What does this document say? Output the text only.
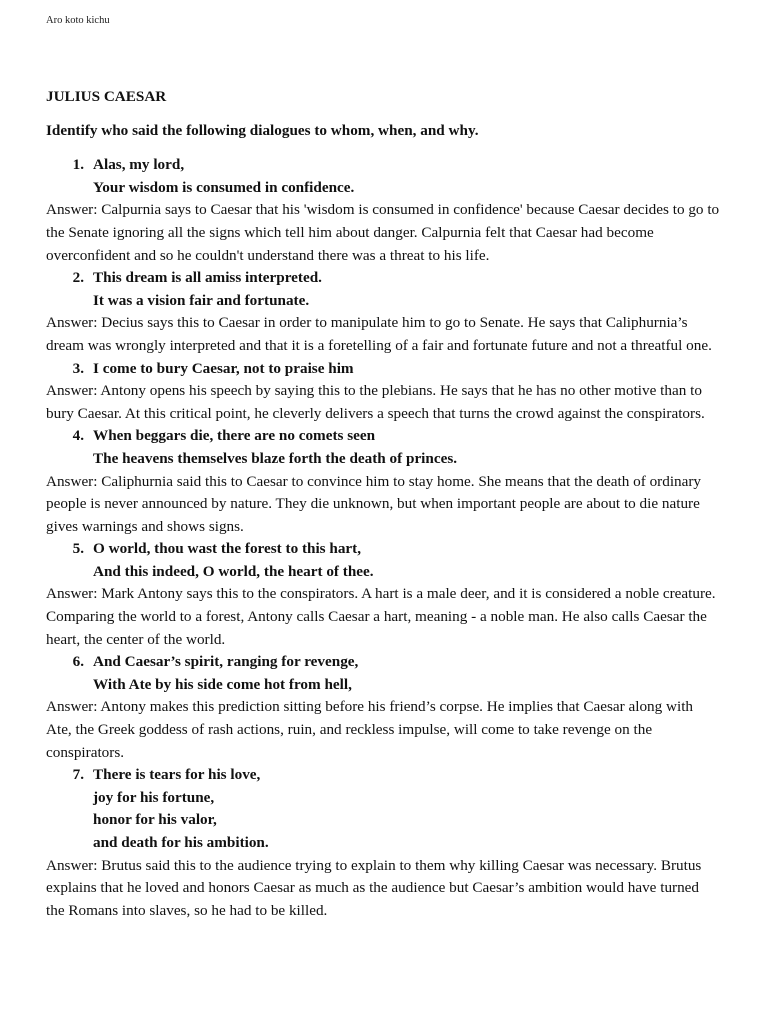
Aro koto kichu
JULIUS CAESAR
Identify who said the following dialogues to whom, when, and why.
1. Alas, my lord,
Your wisdom is consumed in confidence.

Answer: Calpurnia says to Caesar that his 'wisdom is consumed in confidence' because Caesar decides to go to the Senate ignoring all the signs which tell him about danger. Calpurnia felt that Caesar had become overconfident and so he couldn't understand there was a threat to his life.

2. This dream is all amiss interpreted.
It was a vision fair and fortunate.

Answer: Decius says this to Caesar in order to manipulate him to go to Senate. He says that Caliphurnia’s dream was wrongly interpreted and that it is a foretelling of a fair and fortunate future and not a threatful one.

3. I come to bury Caesar, not to praise him

Answer: Antony opens his speech by saying this to the plebians. He says that he has no other motive than to bury Caesar. At this critical point, he cleverly delivers a speech that turns the crowd against the conspirators.

4. When beggars die, there are no comets seen
The heavens themselves blaze forth the death of princes.

Answer: Caliphurnia said this to Caesar to convince him to stay home. She means that the death of ordinary people is never announced by nature. They die unknown, but when important people are about to die nature gives warnings and shows signs.

5. O world, thou wast the forest to this hart,
And this indeed, O world, the heart of thee.

Answer: Mark Antony says this to the conspirators. A hart is a male deer, and it is considered a noble creature. Comparing the world to a forest, Antony calls Caesar a hart, meaning - a noble man. He also calls Caesar the heart, the center of the world.

6. And Caesar’s spirit, ranging for revenge,
With Ate by his side come hot from hell,

Answer: Antony makes this prediction sitting before his friend’s corpse. He implies that Caesar along with Ate, the Greek goddess of rash actions, ruin, and reckless impulse, will come to take revenge on the conspirators.

7. There is tears for his love,
joy for his fortune,
honor for his valor,
and death for his ambition.

Answer: Brutus said this to the audience trying to explain to them why killing Caesar was necessary. Brutus explains that he loved and honors Caesar as much as the audience but Caesar’s ambition would have turned the Romans into slaves, so he had to be killed.
